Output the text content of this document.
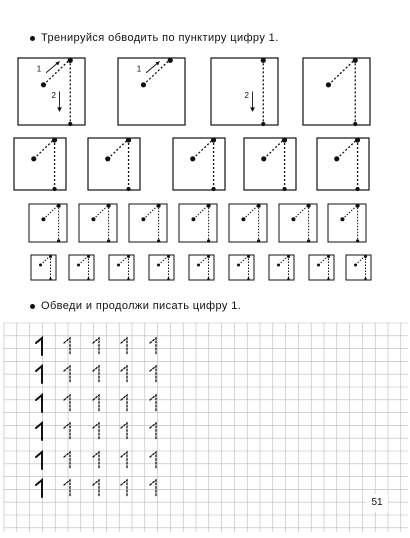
Тренируйся обводить по пунктиру цифру 1.
Обведи и продолжи писать цифру 1.
1
2
1
2
51
